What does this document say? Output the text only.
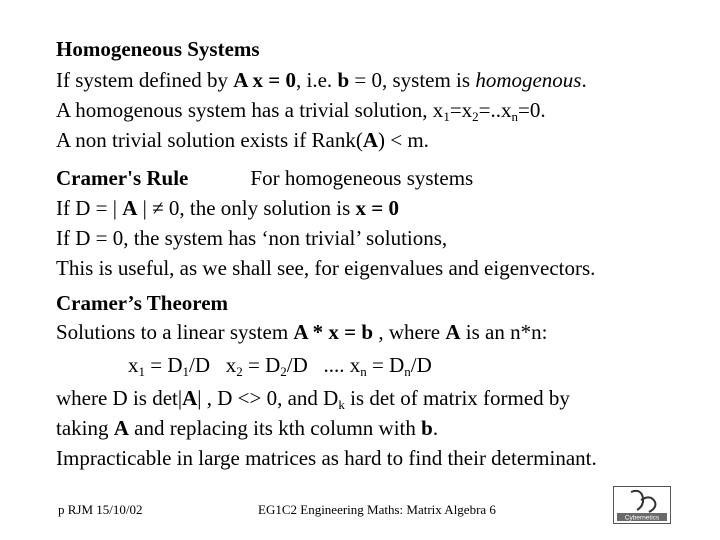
Homogeneous Systems
If system defined by A x = 0, i.e. b = 0, system is homogenous.
A homogenous system has a trivial solution, $x_1=x_2=..x_n=0$.
A non trivial solution exists if Rank(A) < m.
Cramer's Rule	For homogeneous systems
If D = | A | ≠ 0, the only solution is x = 0
If D = 0, the system has ‘non trivial’ solutions,
This is useful, as we shall see, for eigenvalues and eigenvectors.
Cramer’s Theorem
Solutions to a linear system A * x = b , where A is an n*n:
$x_1 = D_1/D$   $x_2 = D_2/D$   .... $x_n = D_n/D$
where D is det|A| , D <> 0, and $D_k$ is det of matrix formed by
taking A and replacing its kth column with b.
Impracticable in large matrices as hard to find their determinant.
p RJM 15/10/02	EG1C2 Engineering Maths: Matrix Algebra 6
Cybernetics
